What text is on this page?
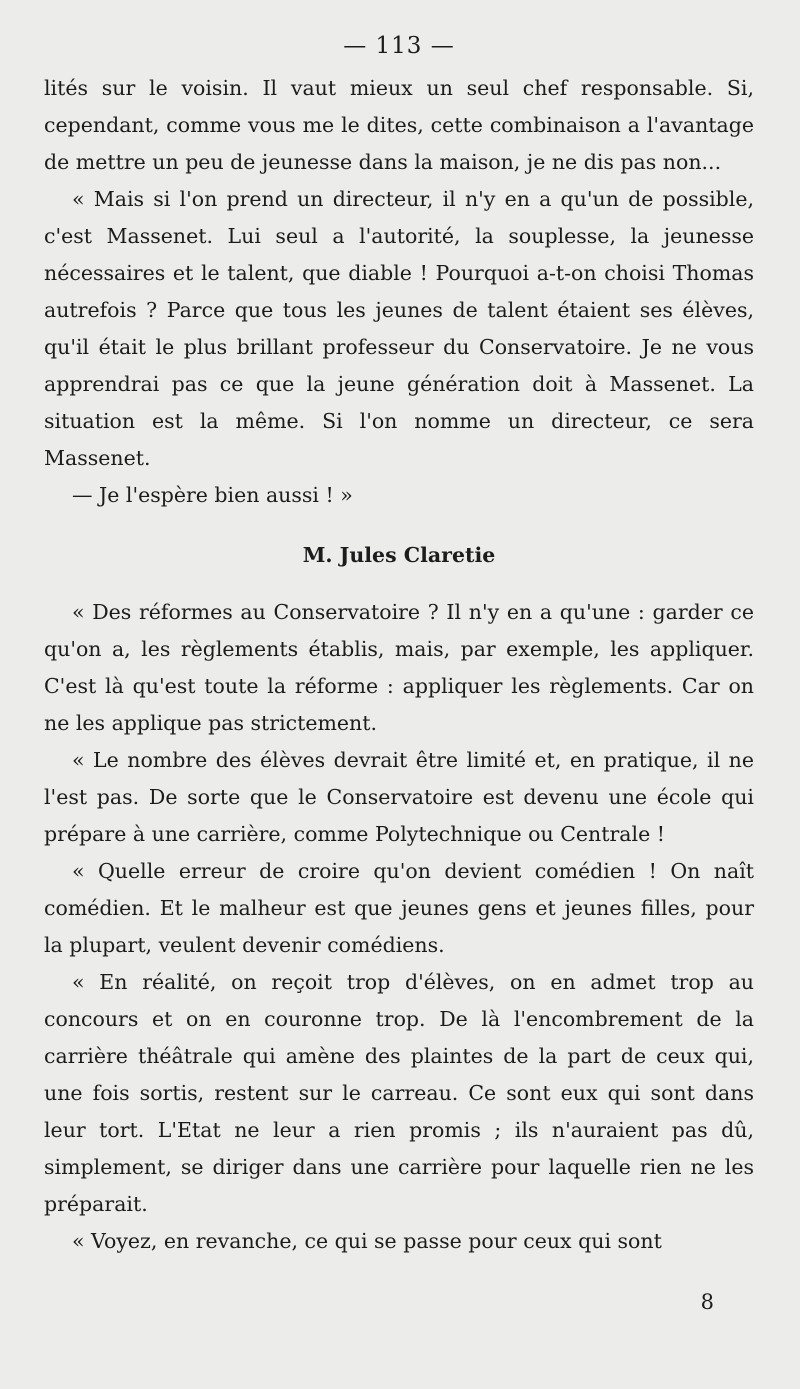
— 113 —

lités sur le voisin. Il vaut mieux un seul chef responsable. Si, cependant, comme vous me le dites, cette combinaison a l'avantage de mettre un peu de jeunesse dans la maison, je ne dis pas non...

« Mais si l'on prend un directeur, il n'y en a qu'un de possible, c'est Massenet. Lui seul a l'autorité, la souplesse, la jeunesse nécessaires et le talent, que diable ! Pourquoi a-t-on choisi Thomas autrefois ? Parce que tous les jeunes de talent étaient ses élèves, qu'il était le plus brillant professeur du Conservatoire. Je ne vous apprendrai pas ce que la jeune génération doit à Massenet. La situation est la même. Si l'on nomme un directeur, ce sera Massenet.

— Je l'espère bien aussi ! »

M. Jules Claretie

« Des réformes au Conservatoire ? Il n'y en a qu'une : garder ce qu'on a, les règlements établis, mais, par exemple, les appliquer. C'est là qu'est toute la réforme : appliquer les règlements. Car on ne les applique pas strictement.

« Le nombre des élèves devrait être limité et, en pratique, il ne l'est pas. De sorte que le Conservatoire est devenu une école qui prépare à une carrière, comme Polytechnique ou Centrale !

« Quelle erreur de croire qu'on devient comédien ! On naît comédien. Et le malheur est que jeunes gens et jeunes filles, pour la plupart, veulent devenir comédiens.

« En réalité, on reçoit trop d'élèves, on en admet trop au concours et on en couronne trop. De là l'encombrement de la carrière théâtrale qui amène des plaintes de la part de ceux qui, une fois sortis, restent sur le carreau. Ce sont eux qui sont dans leur tort. L'Etat ne leur a rien promis ; ils n'auraient pas dû, simplement, se diriger dans une carrière pour laquelle rien ne les préparait.

« Voyez, en revanche, ce qui se passe pour ceux qui sont

8
